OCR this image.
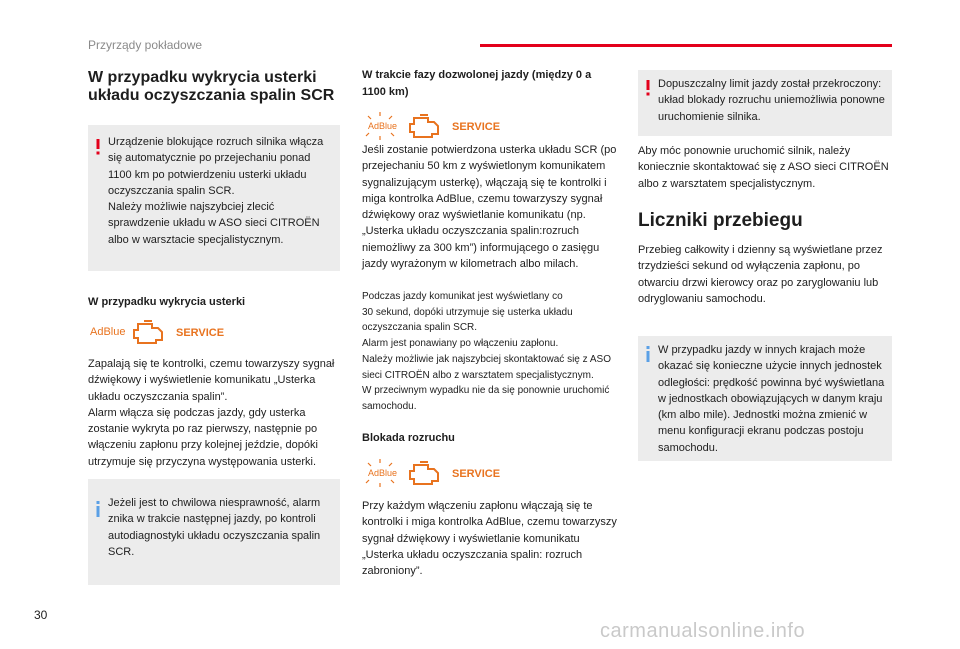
Przyrządy pokładowe
W przypadku wykrycia usterki układu oczyszczania spalin SCR
Urządzenie blokujące rozruch silnika włącza się automatycznie po przejechaniu ponad 1100 km po potwierdzeniu usterki układu oczyszczania spalin SCR.
Należy możliwie najszybciej zlecić sprawdzenie układu w ASO sieci CITROËN albo w warsztacie specjalistycznym.
W przypadku wykrycia usterki
AdBlue	SERVICE
Zapalają się te kontrolki, czemu towarzyszy sygnał dźwiękowy i wyświetlenie komunikatu „Usterka układu oczyszczania spalin”.
Alarm włącza się podczas jazdy, gdy usterka zostanie wykryta po raz pierwszy, następnie po włączeniu zapłonu przy kolejnej jeździe, dopóki utrzymuje się przyczyna występowania usterki.
Jeżeli jest to chwilowa niesprawność, alarm znika w trakcie następnej jazdy, po kontroli autodiagnostyki układu oczyszczania spalin SCR.
W trakcie fazy dozwolonej jazdy (między 0 a 1100 km)
AdBlue	SERVICE
Jeśli zostanie potwierdzona usterka układu SCR (po przejechaniu 50 km z wyświetlonym komunikatem sygnalizującym usterkę), włączają się te kontrolki i miga kontrolka AdBlue, czemu towarzyszy sygnał dźwiękowy oraz wyświetlanie komunikatu (np. „Usterka układu oczyszczania spalin:rozruch niemożliwy za 300 km”) informującego o zasięgu jazdy wyrażonym w kilometrach albo milach.
Podczas jazdy komunikat jest wyświetlany co
30 sekund, dopóki utrzymuje się usterka układu
oczyszczania spalin SCR.
Alarm jest ponawiany po włączeniu zapłonu.
Należy możliwie jak najszybciej skontaktować się z ASO
sieci CITROËN albo z warsztatem specjalistycznym.
W przeciwnym wypadku nie da się ponownie uruchomić
samochodu.
Blokada rozruchu
AdBlue	SERVICE
Przy każdym włączeniu zapłonu włączają się te kontrolki i miga kontrolka AdBlue, czemu towarzyszy sygnał dźwiękowy i wyświetlanie komunikatu „Usterka układu oczyszczania spalin: rozruch zabroniony”.
Dopuszczalny limit jazdy został przekroczony: układ blokady rozruchu uniemożliwia ponowne uruchomienie silnika.
Aby móc ponownie uruchomić silnik, należy koniecznie skontaktować się z ASO sieci CITROËN albo z warsztatem specjalistycznym.
Liczniki przebiegu
Przebieg całkowity i dzienny są wyświetlane przez trzydzieści sekund od wyłączenia zapłonu, po otwarciu drzwi kierowcy oraz po zaryglowaniu lub odryglowaniu samochodu.
W przypadku jazdy w innych krajach może okazać się konieczne użycie innych jednostek odległości: prędkość powinna być wyświetlana w jednostkach obowiązujących w danym kraju (km albo mile). Jednostki można zmienić w menu konfiguracji ekranu podczas postoju samochodu.
30
carmanualsonline.info
